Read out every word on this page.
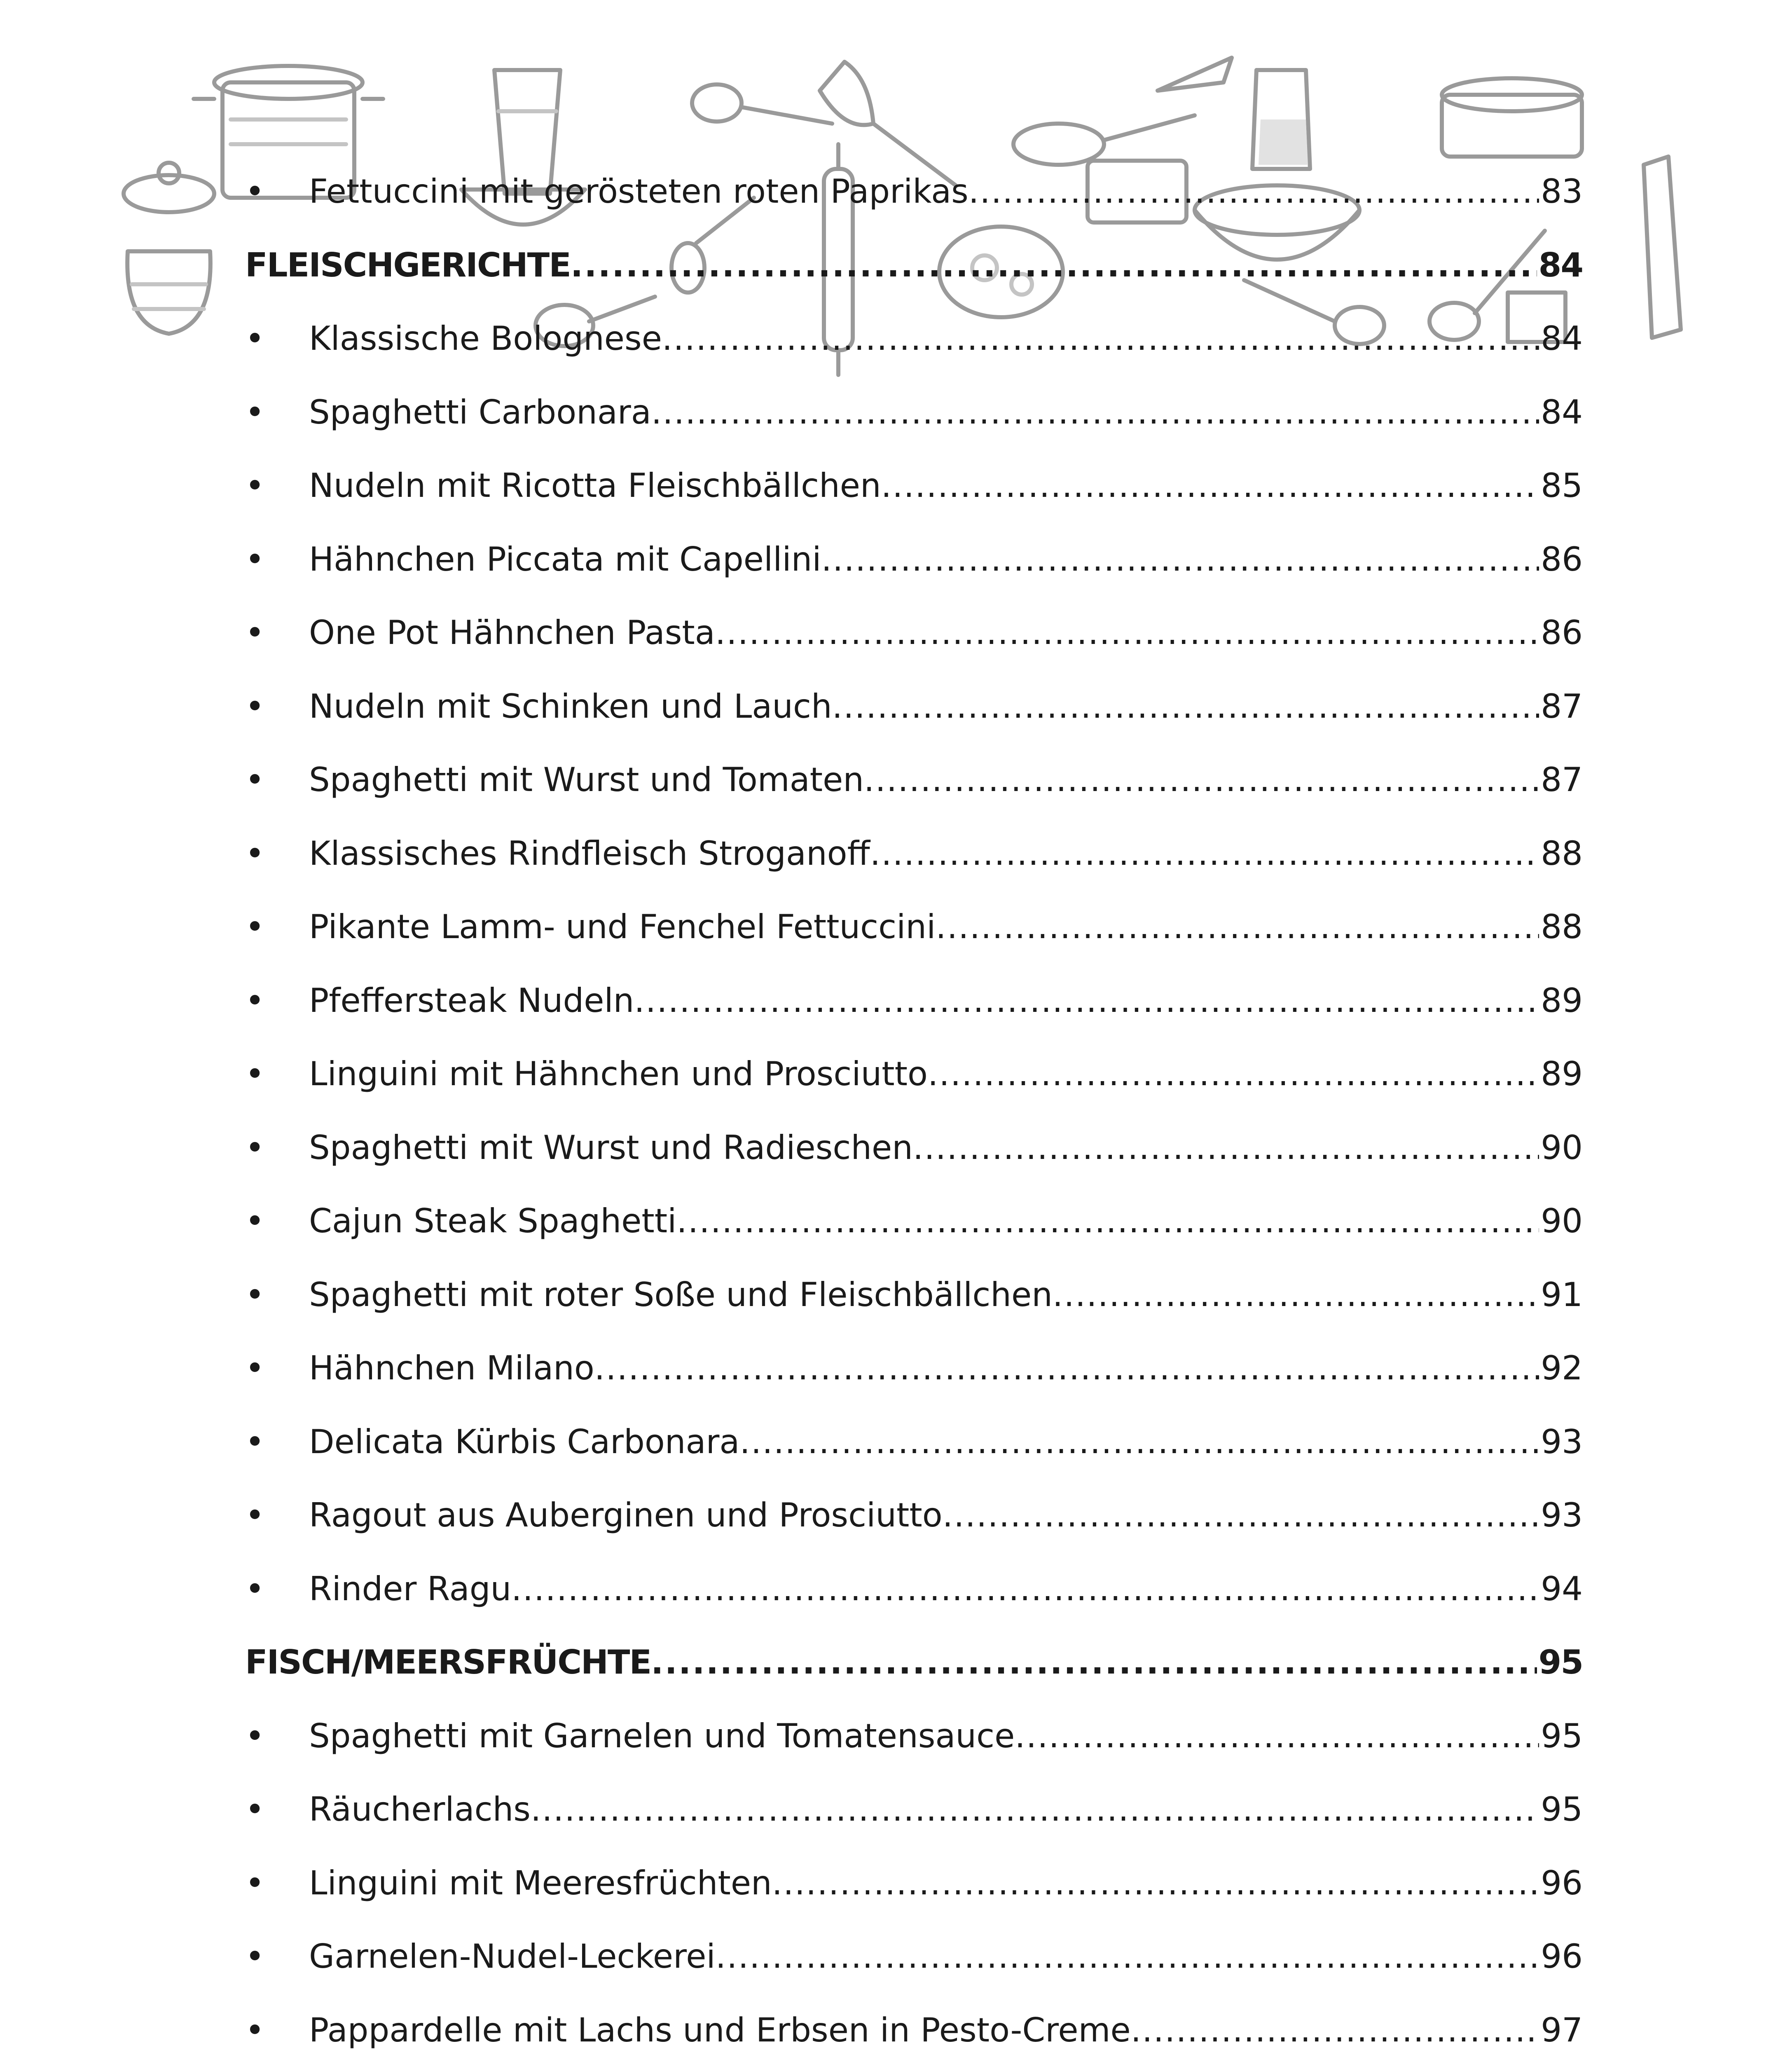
•	Fettuccini mit gerösteten roten Paprikas .....	83
FLEISCHGERICHTE .....	84
•	Klassische Bolognese .....	84
•	Spaghetti Carbonara .....	84
•	Nudeln mit Ricotta Fleischbällchen .....	85
•	Hähnchen Piccata mit Capellini .....	86
•	One Pot Hähnchen Pasta .....	86
•	Nudeln mit Schinken und Lauch .....	87
•	Spaghetti mit Wurst und Tomaten .....	87
•	Klassisches Rindfleisch Stroganoff .....	88
•	Pikante Lamm- und Fenchel Fettuccini .....	88
•	Pfeffersteak Nudeln .....	89
•	Linguini mit Hähnchen und Prosciutto .....	89
•	Spaghetti mit Wurst und Radieschen .....	90
•	Cajun Steak Spaghetti .....	90
•	Spaghetti mit roter Soße und Fleischbällchen .....	91
•	Hähnchen Milano .....	92
•	Delicata Kürbis Carbonara .....	93
•	Ragout aus Auberginen und Prosciutto .....	93
•	Rinder Ragu .....	94
FISCH/MEERSFRÜCHTE .....	95
•	Spaghetti mit Garnelen und Tomatensauce .....	95
•	Räucherlachs .....	95
•	Linguini mit Meeresfrüchten .....	96
•	Garnelen-Nudel-Leckerei .....	96
•	Pappardelle mit Lachs und Erbsen in Pesto-Creme .....	97
